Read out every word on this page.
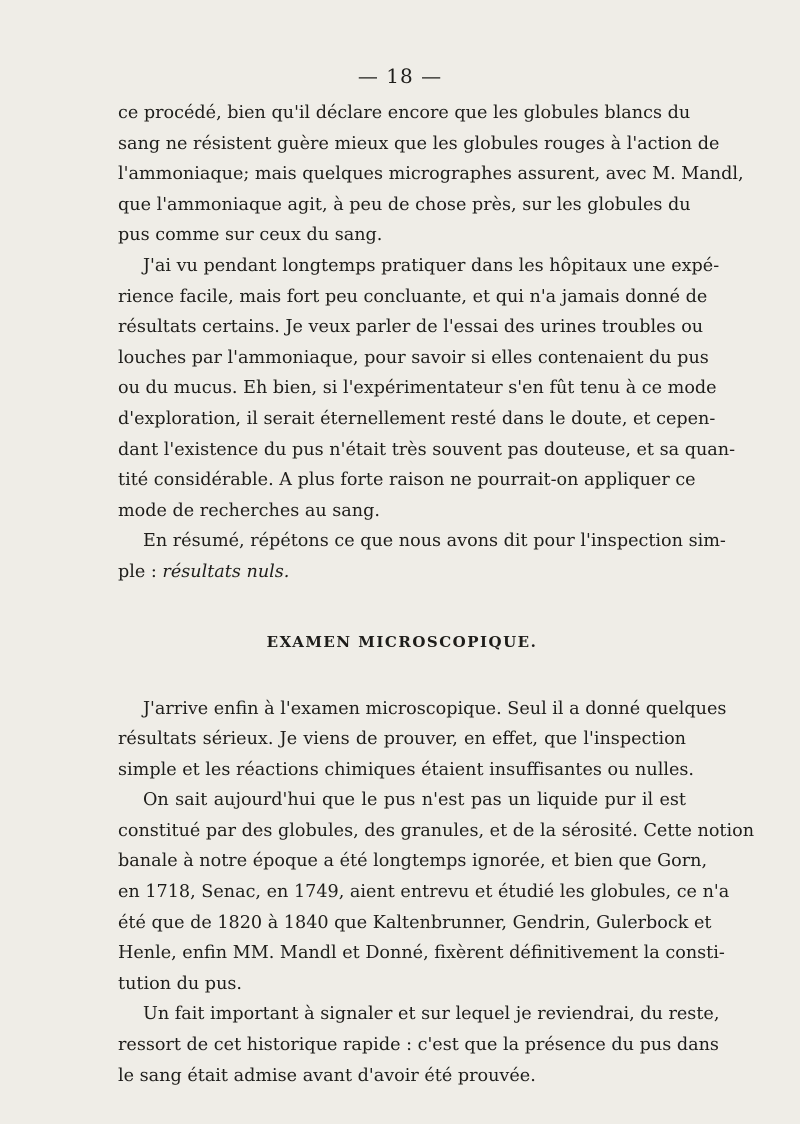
— 18 —
ce procédé, bien qu'il déclare encore que les globules blancs du
sang ne résistent guère mieux que les globules rouges à l'action de
l'ammoniaque; mais quelques micrographes assurent, avec M. Mandl,
que l'ammoniaque agit, à peu de chose près, sur les globules du
pus comme sur ceux du sang.
J'ai vu pendant longtemps pratiquer dans les hôpitaux une expé-
rience facile, mais fort peu concluante, et qui n'a jamais donné de
résultats certains. Je veux parler de l'essai des urines troubles ou
louches par l'ammoniaque, pour savoir si elles contenaient du pus
ou du mucus. Eh bien, si l'expérimentateur s'en fût tenu à ce mode
d'exploration, il serait éternellement resté dans le doute, et cepen-
dant l'existence du pus n'était très souvent pas douteuse, et sa quan-
tité considérable. A plus forte raison ne pourrait-on appliquer ce
mode de recherches au sang.
En résumé, répétons ce que nous avons dit pour l'inspection sim-
ple : résultats nuls.
EXAMEN MICROSCOPIQUE.
J'arrive enfin à l'examen microscopique. Seul il a donné quelques
résultats sérieux. Je viens de prouver, en effet, que l'inspection
simple et les réactions chimiques étaient insuffisantes ou nulles.
On sait aujourd'hui que le pus n'est pas un liquide pur il est
constitué par des globules, des granules, et de la sérosité. Cette notion
banale à notre époque a été longtemps ignorée, et bien que Gorn,
en 1718, Senac, en 1749, aient entrevu et étudié les globules, ce n'a
été que de 1820 à 1840 que Kaltenbrunner, Gendrin, Gulerbock et
Henle, enfin MM. Mandl et Donné, fixèrent définitivement la consti-
tution du pus.
Un fait important à signaler et sur lequel je reviendrai, du reste,
ressort de cet historique rapide : c'est que la présence du pus dans
le sang était admise avant d'avoir été prouvée.
